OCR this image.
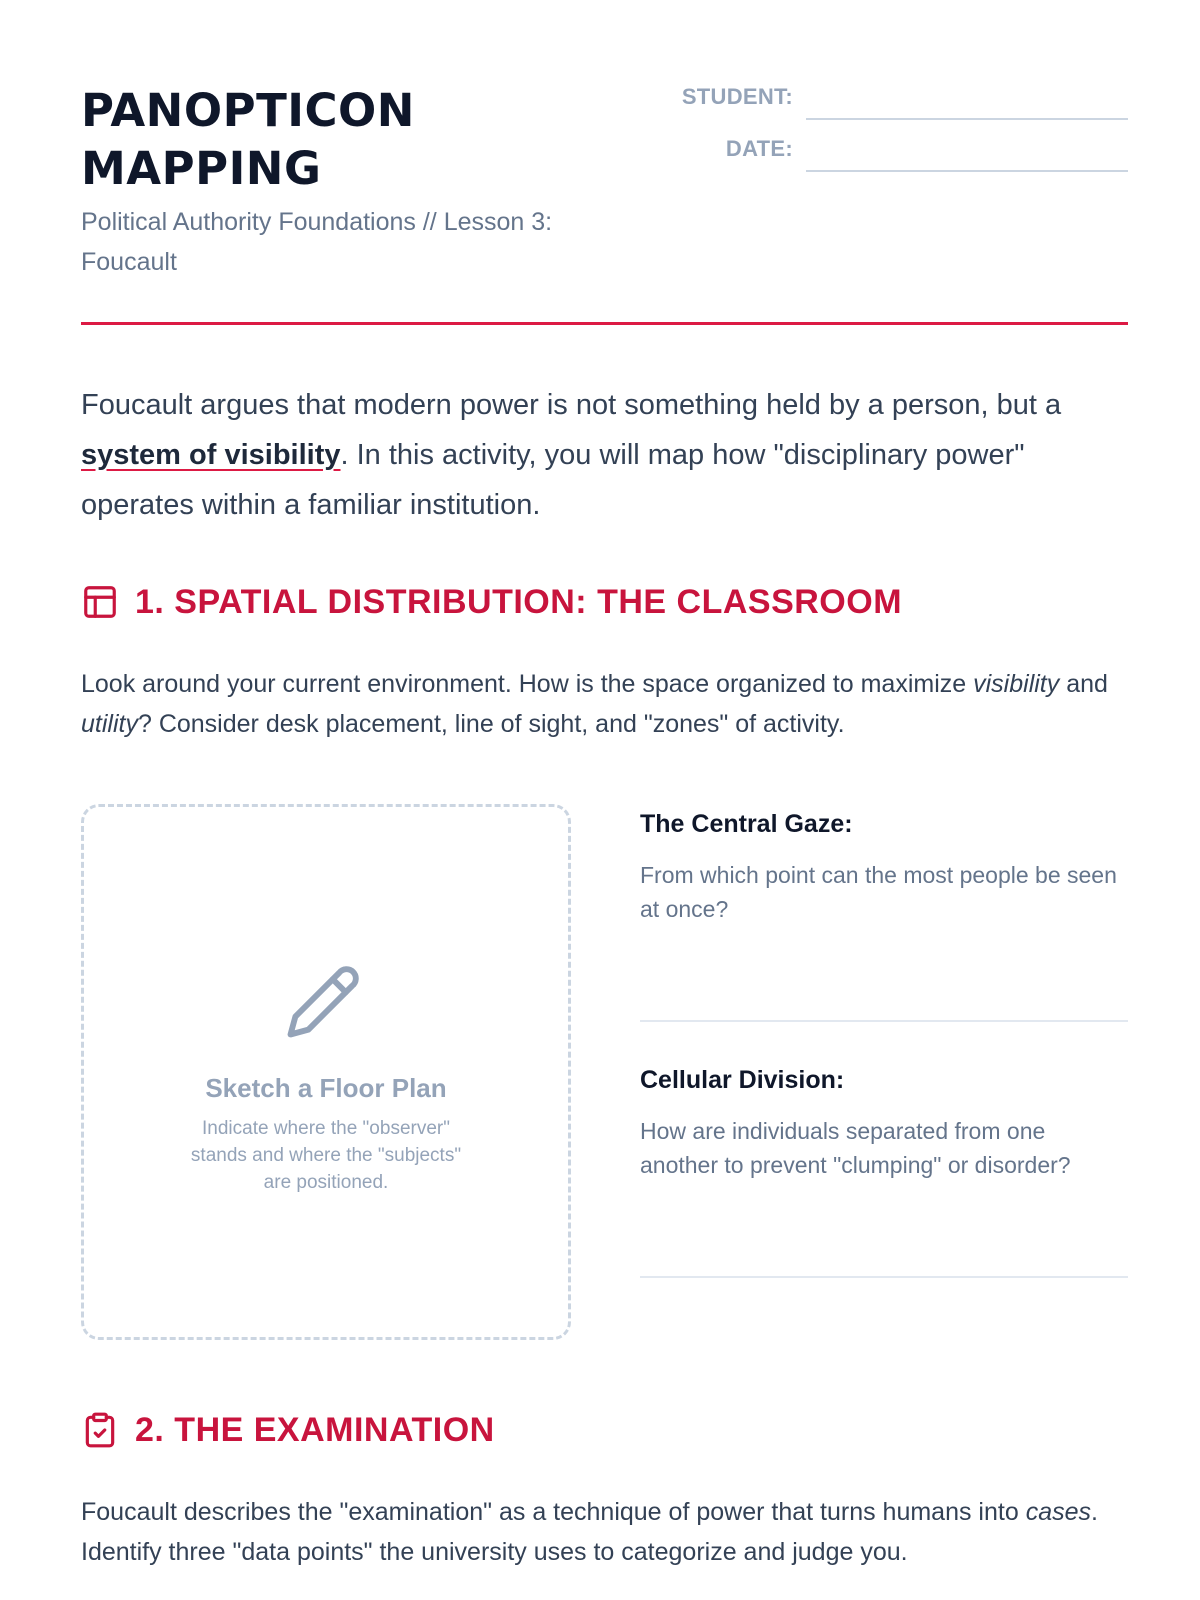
PANOPTICON
MAPPING
Political Authority Foundations // Lesson 3: Foucault
STUDENT:
DATE:

Foucault argues that modern power is not something held by a person, but a system of visibility. In this activity, you will map how "disciplinary power" operates within a familiar institution.

1. SPATIAL DISTRIBUTION: THE CLASSROOM

Look around your current environment. How is the space organized to maximize visibility and utility? Consider desk placement, line of sight, and "zones" of activity.

Sketch a Floor Plan
Indicate where the "observer" stands and where the "subjects" are positioned.
The Central Gaze:
From which point can the most people be seen at once?
Cellular Division:
How are individuals separated from one another to prevent "clumping" or disorder?
2. THE EXAMINATION

Foucault describes the "examination" as a technique of power that turns humans into cases. Identify three "data points" the university uses to categorize and judge you.
